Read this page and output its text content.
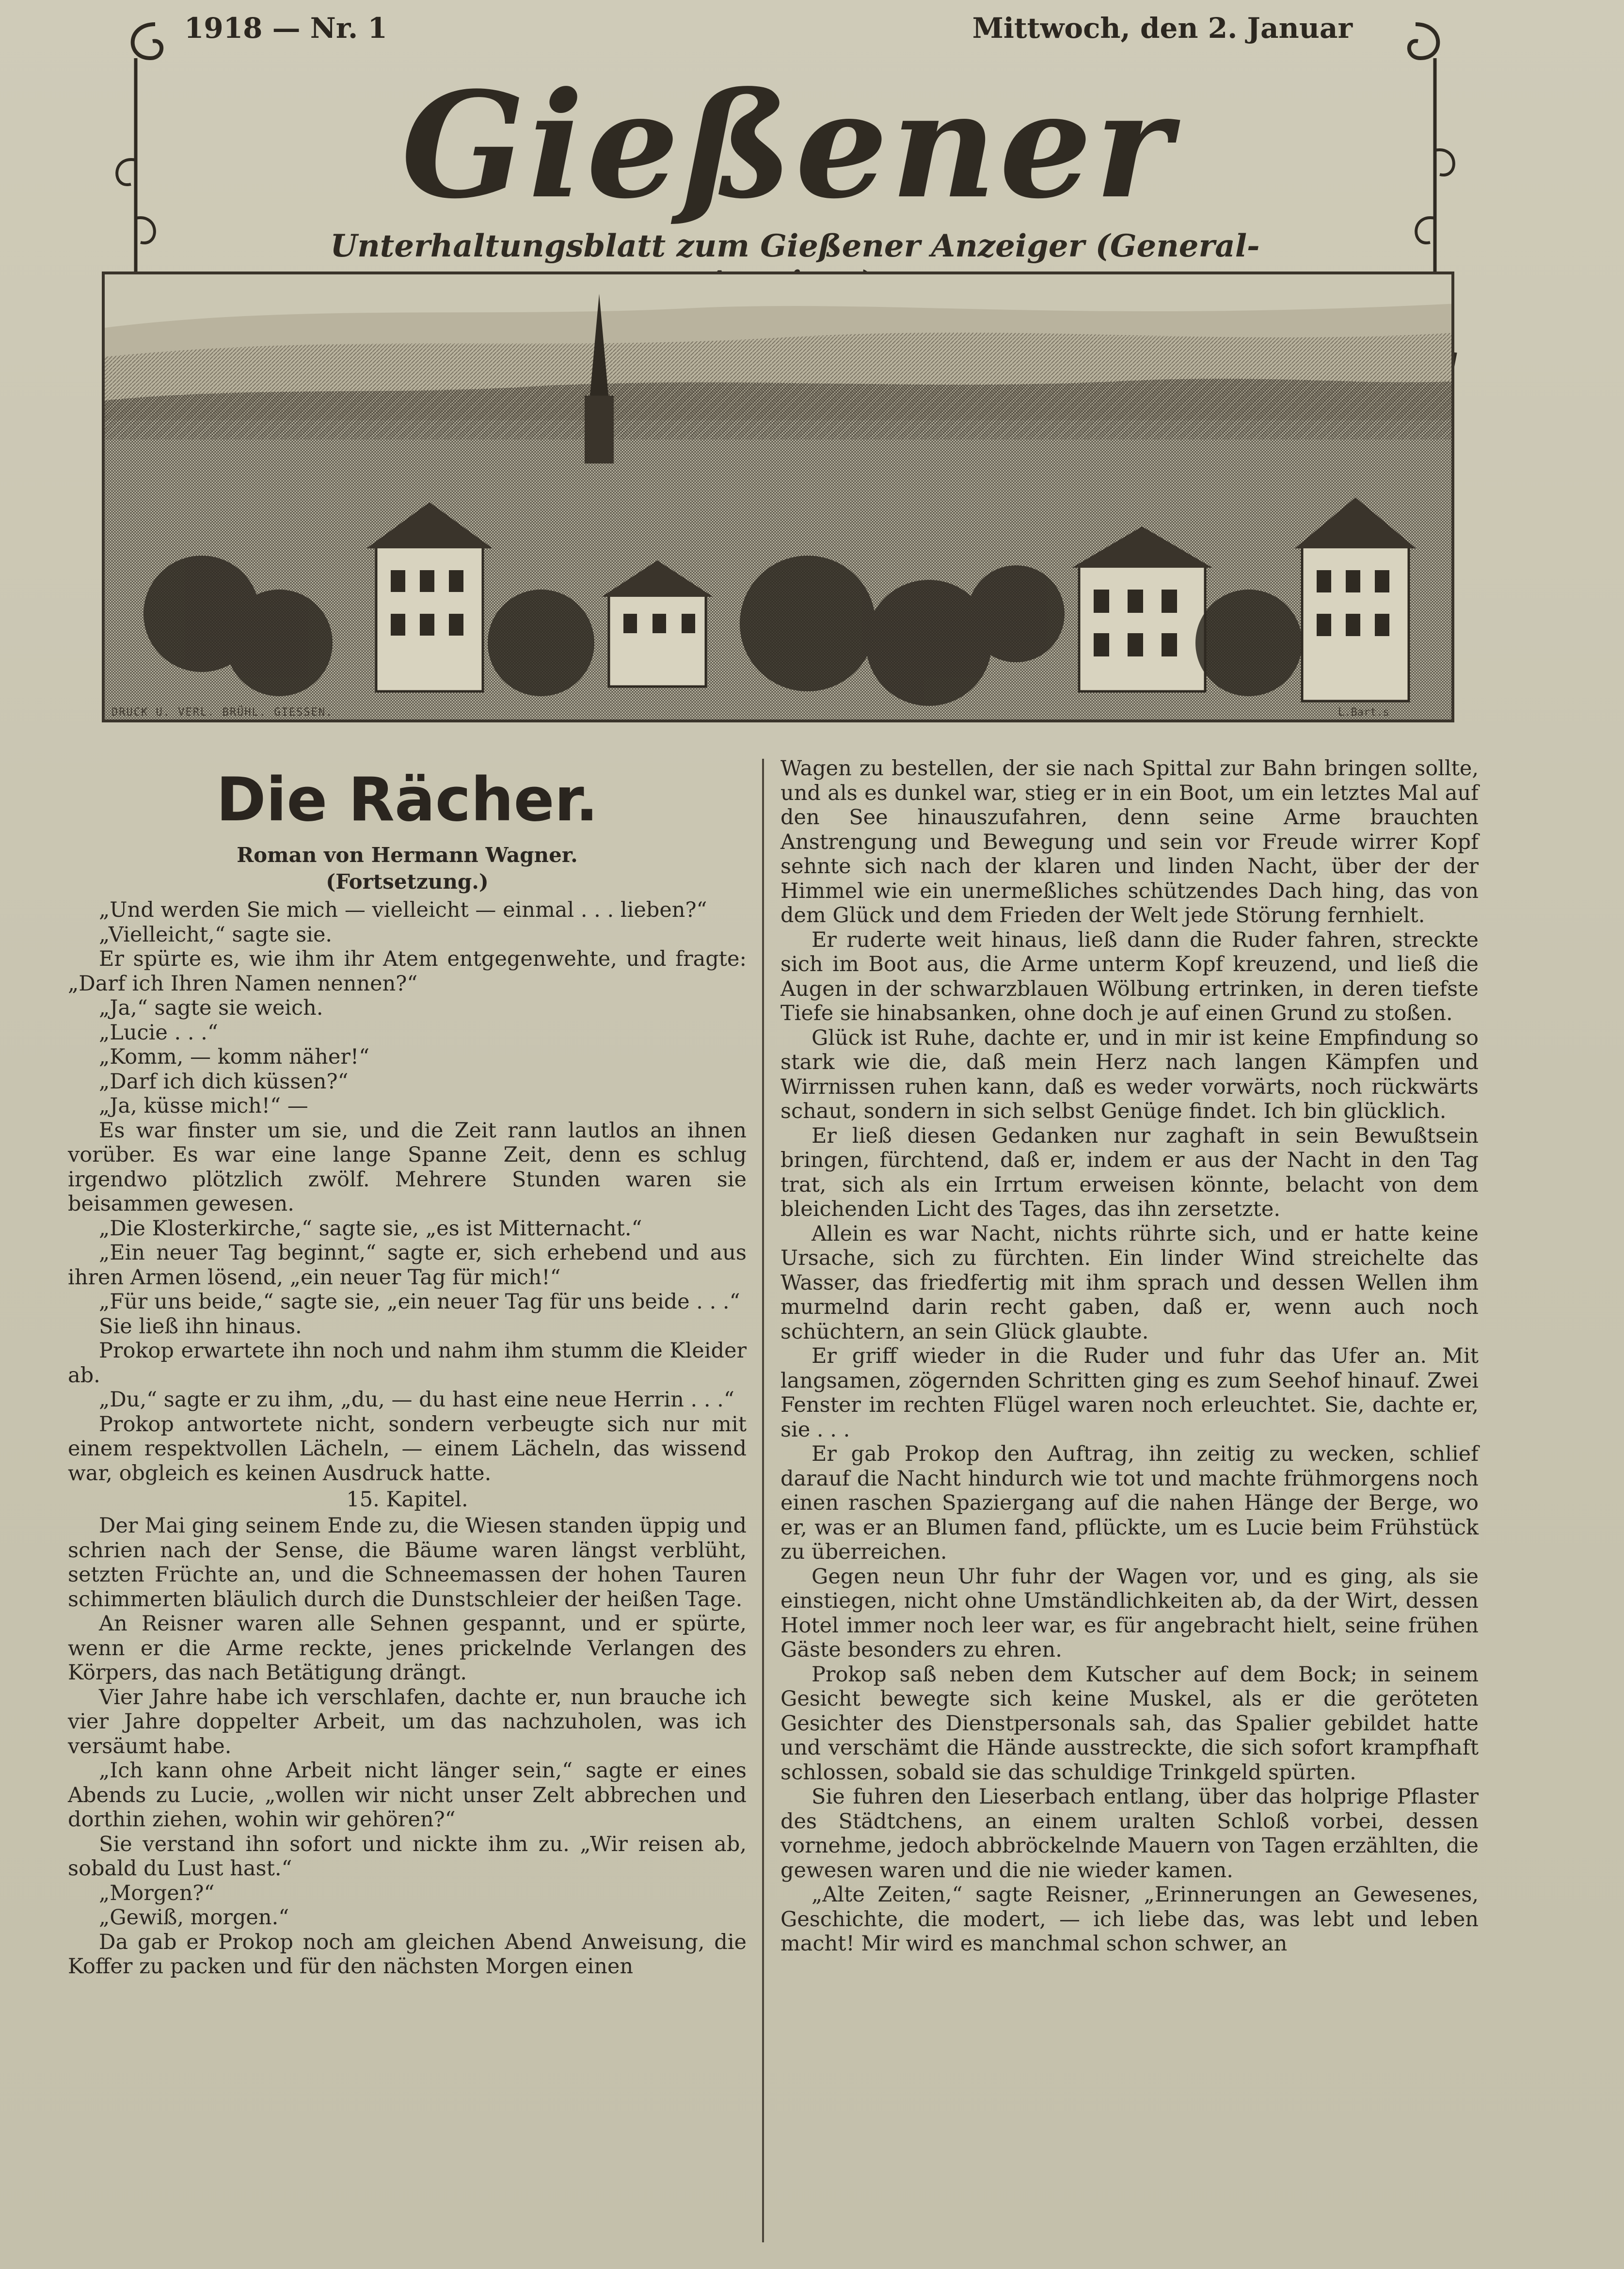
1918 — Nr. 1	Mittwoch, den 2. Januar
Gießener
Unterhaltungsblatt zum Gießener Anzeiger (General-
DRUCK U. VERL. BRÜHL. GIESSEN.	L.Bart.s
Die Rächer.
Roman von Hermann Wagner.
(Fortsetzung.)

„Und werden Sie mich — vielleicht — einmal . . . lieben?“

„Vielleicht,“ sagte sie.

Er spürte es, wie ihm ihr Atem entgegenwehte, und fragte: „Darf ich Ihren Namen nennen?“

„Ja,“ sagte sie weich.

„Lucie . . .“

„Komm, — komm näher!“

„Darf ich dich küssen?“

„Ja, küsse mich!“ —

Es war finster um sie, und die Zeit rann lautlos an ihnen vorüber. Es war eine lange Spanne Zeit, denn es schlug irgendwo plötzlich zwölf. Mehrere Stunden waren sie beisammen gewesen.

„Die Klosterkirche,“ sagte sie, „es ist Mitternacht.“

„Ein neuer Tag beginnt,“ sagte er, sich erhebend und aus ihren Armen lösend, „ein neuer Tag für mich!“

„Für uns beide,“ sagte sie, „ein neuer Tag für uns beide . . .“

Sie ließ ihn hinaus.

Prokop erwartete ihn noch und nahm ihm stumm die Kleider ab.

„Du,“ sagte er zu ihm, „du, — du hast eine neue Herrin . . .“

Prokop antwortete nicht, sondern verbeugte sich nur mit einem respektvollen Lächeln, — einem Lächeln, das wissend war, obgleich es keinen Ausdruck hatte.

15. Kapitel.

Der Mai ging seinem Ende zu, die Wiesen standen üppig und schrien nach der Sense, die Bäume waren längst verblüht, setzten Früchte an, und die Schneemassen der hohen Tauren schimmerten bläulich durch die Dunstschleier der heißen Tage.

An Reisner waren alle Sehnen gespannt, und er spürte, wenn er die Arme reckte, jenes prickelnde Verlangen des Körpers, das nach Betätigung drängt.

Vier Jahre habe ich verschlafen, dachte er, nun brauche ich vier Jahre doppelter Arbeit, um das nachzuholen, was ich versäumt habe.

„Ich kann ohne Arbeit nicht länger sein,“ sagte er eines Abends zu Lucie, „wollen wir nicht unser Zelt abbrechen und dorthin ziehen, wohin wir gehören?“

Sie verstand ihn sofort und nickte ihm zu. „Wir reisen ab, sobald du Lust hast.“

„Morgen?“

„Gewiß, morgen.“

Da gab er Prokop noch am gleichen Abend Anweisung, die Koffer zu packen und für den nächsten Morgen einen

Wagen zu bestellen, der sie nach Spittal zur Bahn bringen sollte, und als es dunkel war, stieg er in ein Boot, um ein letztes Mal auf den See hinauszufahren, denn seine Arme brauchten Anstrengung und Bewegung und sein vor Freude wirrer Kopf sehnte sich nach der klaren und linden Nacht, über der der Himmel wie ein unermeßliches schützendes Dach hing, das von dem Glück und dem Frieden der Welt jede Störung fernhielt.

Er ruderte weit hinaus, ließ dann die Ruder fahren, streckte sich im Boot aus, die Arme unterm Kopf kreuzend, und ließ die Augen in der schwarzblauen Wölbung ertrinken, in deren tiefste Tiefe sie hinabsanken, ohne doch je auf einen Grund zu stoßen.

Glück ist Ruhe, dachte er, und in mir ist keine Empfindung so stark wie die, daß mein Herz nach langen Kämpfen und Wirrnissen ruhen kann, daß es weder vorwärts, noch rückwärts schaut, sondern in sich selbst Genüge findet. Ich bin glücklich.

Er ließ diesen Gedanken nur zaghaft in sein Bewußtsein bringen, fürchtend, daß er, indem er aus der Nacht in den Tag trat, sich als ein Irrtum erweisen könnte, belacht von dem bleichenden Licht des Tages, das ihn zersetzte.

Allein es war Nacht, nichts rührte sich, und er hatte keine Ursache, sich zu fürchten. Ein linder Wind streichelte das Wasser, das friedfertig mit ihm sprach und dessen Wellen ihm murmelnd darin recht gaben, daß er, wenn auch noch schüchtern, an sein Glück glaubte.

Er griff wieder in die Ruder und fuhr das Ufer an. Mit langsamen, zögernden Schritten ging es zum Seehof hinauf. Zwei Fenster im rechten Flügel waren noch erleuchtet. Sie, dachte er, sie . . .

Er gab Prokop den Auftrag, ihn zeitig zu wecken, schlief darauf die Nacht hindurch wie tot und machte frühmorgens noch einen raschen Spaziergang auf die nahen Hänge der Berge, wo er, was er an Blumen fand, pflückte, um es Lucie beim Frühstück zu überreichen.

Gegen neun Uhr fuhr der Wagen vor, und es ging, als sie einstiegen, nicht ohne Umständlichkeiten ab, da der Wirt, dessen Hotel immer noch leer war, es für angebracht hielt, seine frühen Gäste besonders zu ehren.

Prokop saß neben dem Kutscher auf dem Bock; in seinem Gesicht bewegte sich keine Muskel, als er die geröteten Gesichter des Dienstpersonals sah, das Spalier gebildet hatte und verschämt die Hände ausstreckte, die sich sofort krampfhaft schlossen, sobald sie das schuldige Trinkgeld spürten.

Sie fuhren den Lieserbach entlang, über das holprige Pflaster des Städtchens, an einem uralten Schloß vorbei, dessen vornehme, jedoch abbröckelnde Mauern von Tagen erzählten, die gewesen waren und die nie wieder kamen.

„Alte Zeiten,“ sagte Reisner, „Erinnerungen an Gewesenes, Geschichte, die modert, — ich liebe das, was lebt und leben macht! Mir wird es manchmal schon schwer, an
